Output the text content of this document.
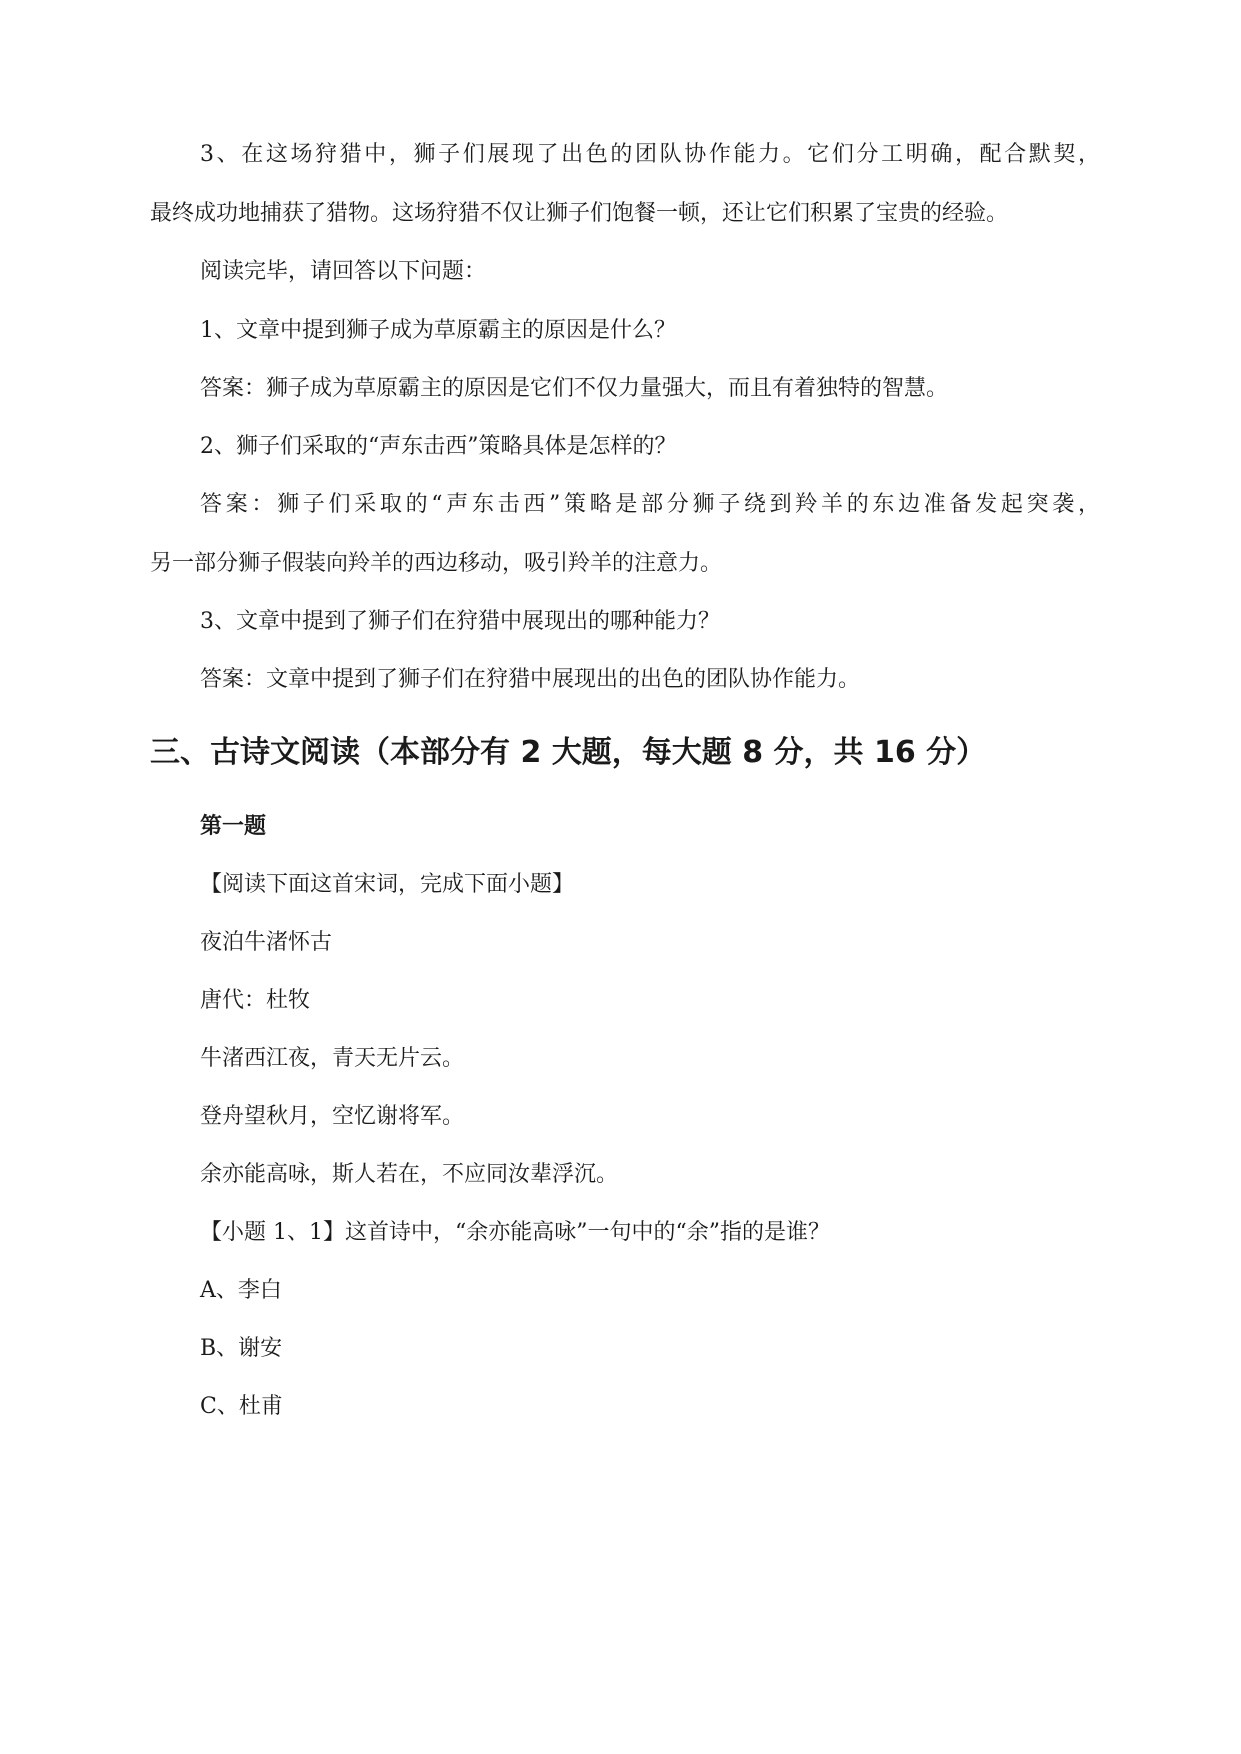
3、在这场狩猎中，狮子们展现了出色的团队协作能力。它们分工明确，配合默契，
最终成功地捕获了猎物。这场狩猎不仅让狮子们饱餐一顿，还让它们积累了宝贵的经验。
阅读完毕，请回答以下问题：
1、文章中提到狮子成为草原霸主的原因是什么？
答案：狮子成为草原霸主的原因是它们不仅力量强大，而且有着独特的智慧。
2、狮子们采取的“声东击西”策略具体是怎样的？
答案：狮子们采取的“声东击西”策略是部分狮子绕到羚羊的东边准备发起突袭，
另一部分狮子假装向羚羊的西边移动，吸引羚羊的注意力。
3、文章中提到了狮子们在狩猎中展现出的哪种能力？
答案：文章中提到了狮子们在狩猎中展现出的出色的团队协作能力。
三、古诗文阅读（本部分有 2 大题，每大题 8 分，共 16 分）
第一题
【阅读下面这首宋词，完成下面小题】
夜泊牛渚怀古
唐代：杜牧
牛渚西江夜，青天无片云。
登舟望秋月，空忆谢将军。
余亦能高咏，斯人若在，不应同汝辈浮沉。
【小题 1、1】这首诗中，“余亦能高咏”一句中的“余”指的是谁？
A、李白
B、谢安
C、杜甫
